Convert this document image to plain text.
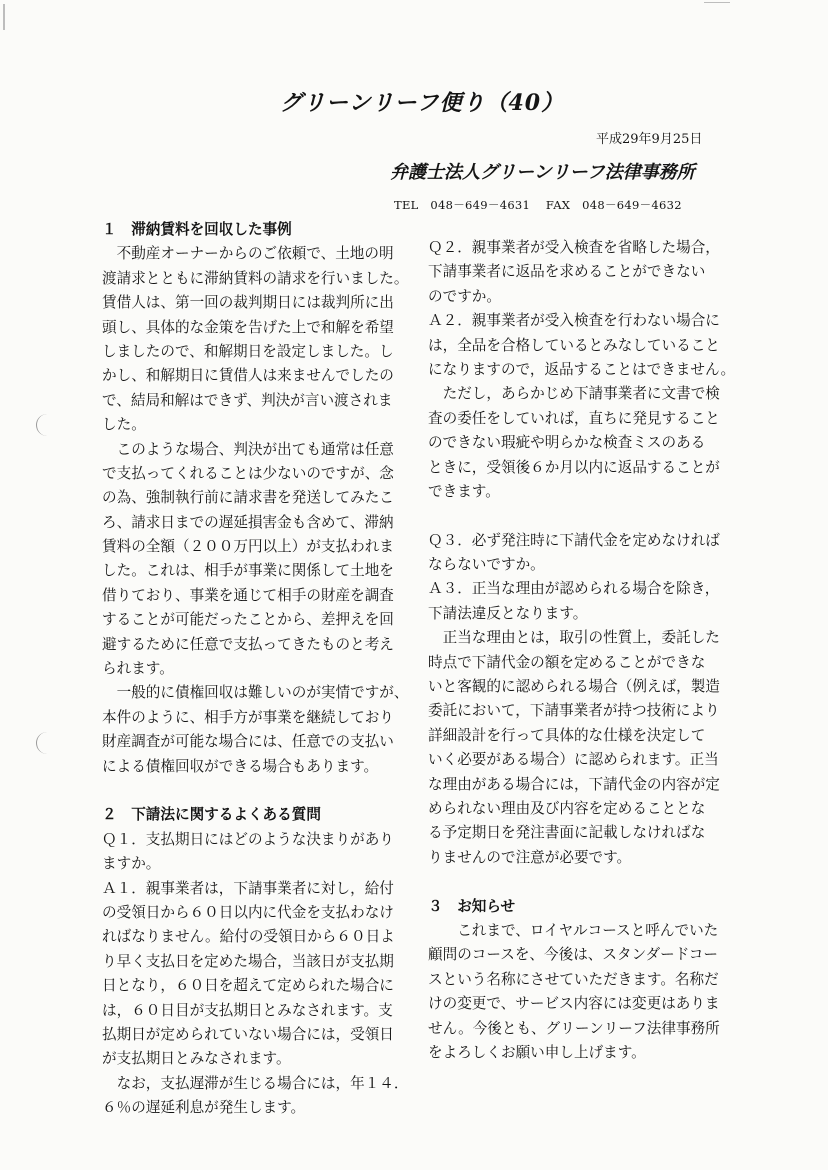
グリーンリーフ便り（40）
平成29年9月25日
弁護士法人グリーンリーフ法律事務所
TEL　048－649－4631　 FAX　048－649－4632
１　滞納賃料を回収した事例
　不動産オーナーからのご依頼で、土地の明
渡請求とともに滞納賃料の請求を行いました。
賃借人は、第一回の裁判期日には裁判所に出
頭し、具体的な金策を告げた上で和解を希望
しましたので、和解期日を設定しました。し
かし、和解期日に賃借人は来ませんでしたの
で、結局和解はできず、判決が言い渡されま
した。
　このような場合、判決が出ても通常は任意
で支払ってくれることは少ないのですが、念
の為、強制執行前に請求書を発送してみたこ
ろ、請求日までの遅延損害金も含めて、滞納
賃料の全額（２００万円以上）が支払われま
した。これは、相手が事業に関係して土地を
借りており、事業を通じて相手の財産を調査
することが可能だったことから、差押えを回
避するために任意で支払ってきたものと考え
られます。
　一般的に債権回収は難しいのが実情ですが、
本件のように、相手方が事業を継続しており
財産調査が可能な場合には、任意での支払い
による債権回収ができる場合もあります。
２　下請法に関するよくある質問
Ｑ１．支払期日にはどのような決まりがあり
ますか。
Ａ１．親事業者は，下請事業者に対し，給付
の受領日から６０日以内に代金を支払わなけ
ればなりません。給付の受領日から６０日よ
り早く支払日を定めた場合，当該日が支払期
日となり，６０日を超えて定められた場合に
は，６０日目が支払期日とみなされます。支
払期日が定められていない場合には，受領日
が支払期日とみなされます。
　なお，支払遅滞が生じる場合には，年１４．
６％の遅延利息が発生します。
Ｑ２．親事業者が受入検査を省略した場合，
下請事業者に返品を求めることができない
のですか。
Ａ２．親事業者が受入検査を行わない場合に
は，全品を合格しているとみなしていること
になりますので，返品することはできません。
　ただし，あらかじめ下請事業者に文書で検
査の委任をしていれば，直ちに発見すること
のできない瑕疵や明らかな検査ミスのある
ときに，受領後６か月以内に返品することが
できます。
Ｑ３．必ず発注時に下請代金を定めなければ
ならないですか。
Ａ３．正当な理由が認められる場合を除き，
下請法違反となります。
　正当な理由とは，取引の性質上，委託した
時点で下請代金の額を定めることができな
いと客観的に認められる場合（例えば，製造
委託において，下請事業者が持つ技術により
詳細設計を行って具体的な仕様を決定して
いく必要がある場合）に認められます。正当
な理由がある場合には，下請代金の内容が定
められない理由及び内容を定めることとな
る予定期日を発注書面に記載しなければな
りませんので注意が必要です。
３　お知らせ
　　これまで、ロイヤルコースと呼んでいた
顧問のコースを、今後は、スタンダードコー
スという名称にさせていただきます。名称だ
けの変更で、サービス内容には変更はありま
せん。今後とも、グリーンリーフ法律事務所
をよろしくお願い申し上げます。
